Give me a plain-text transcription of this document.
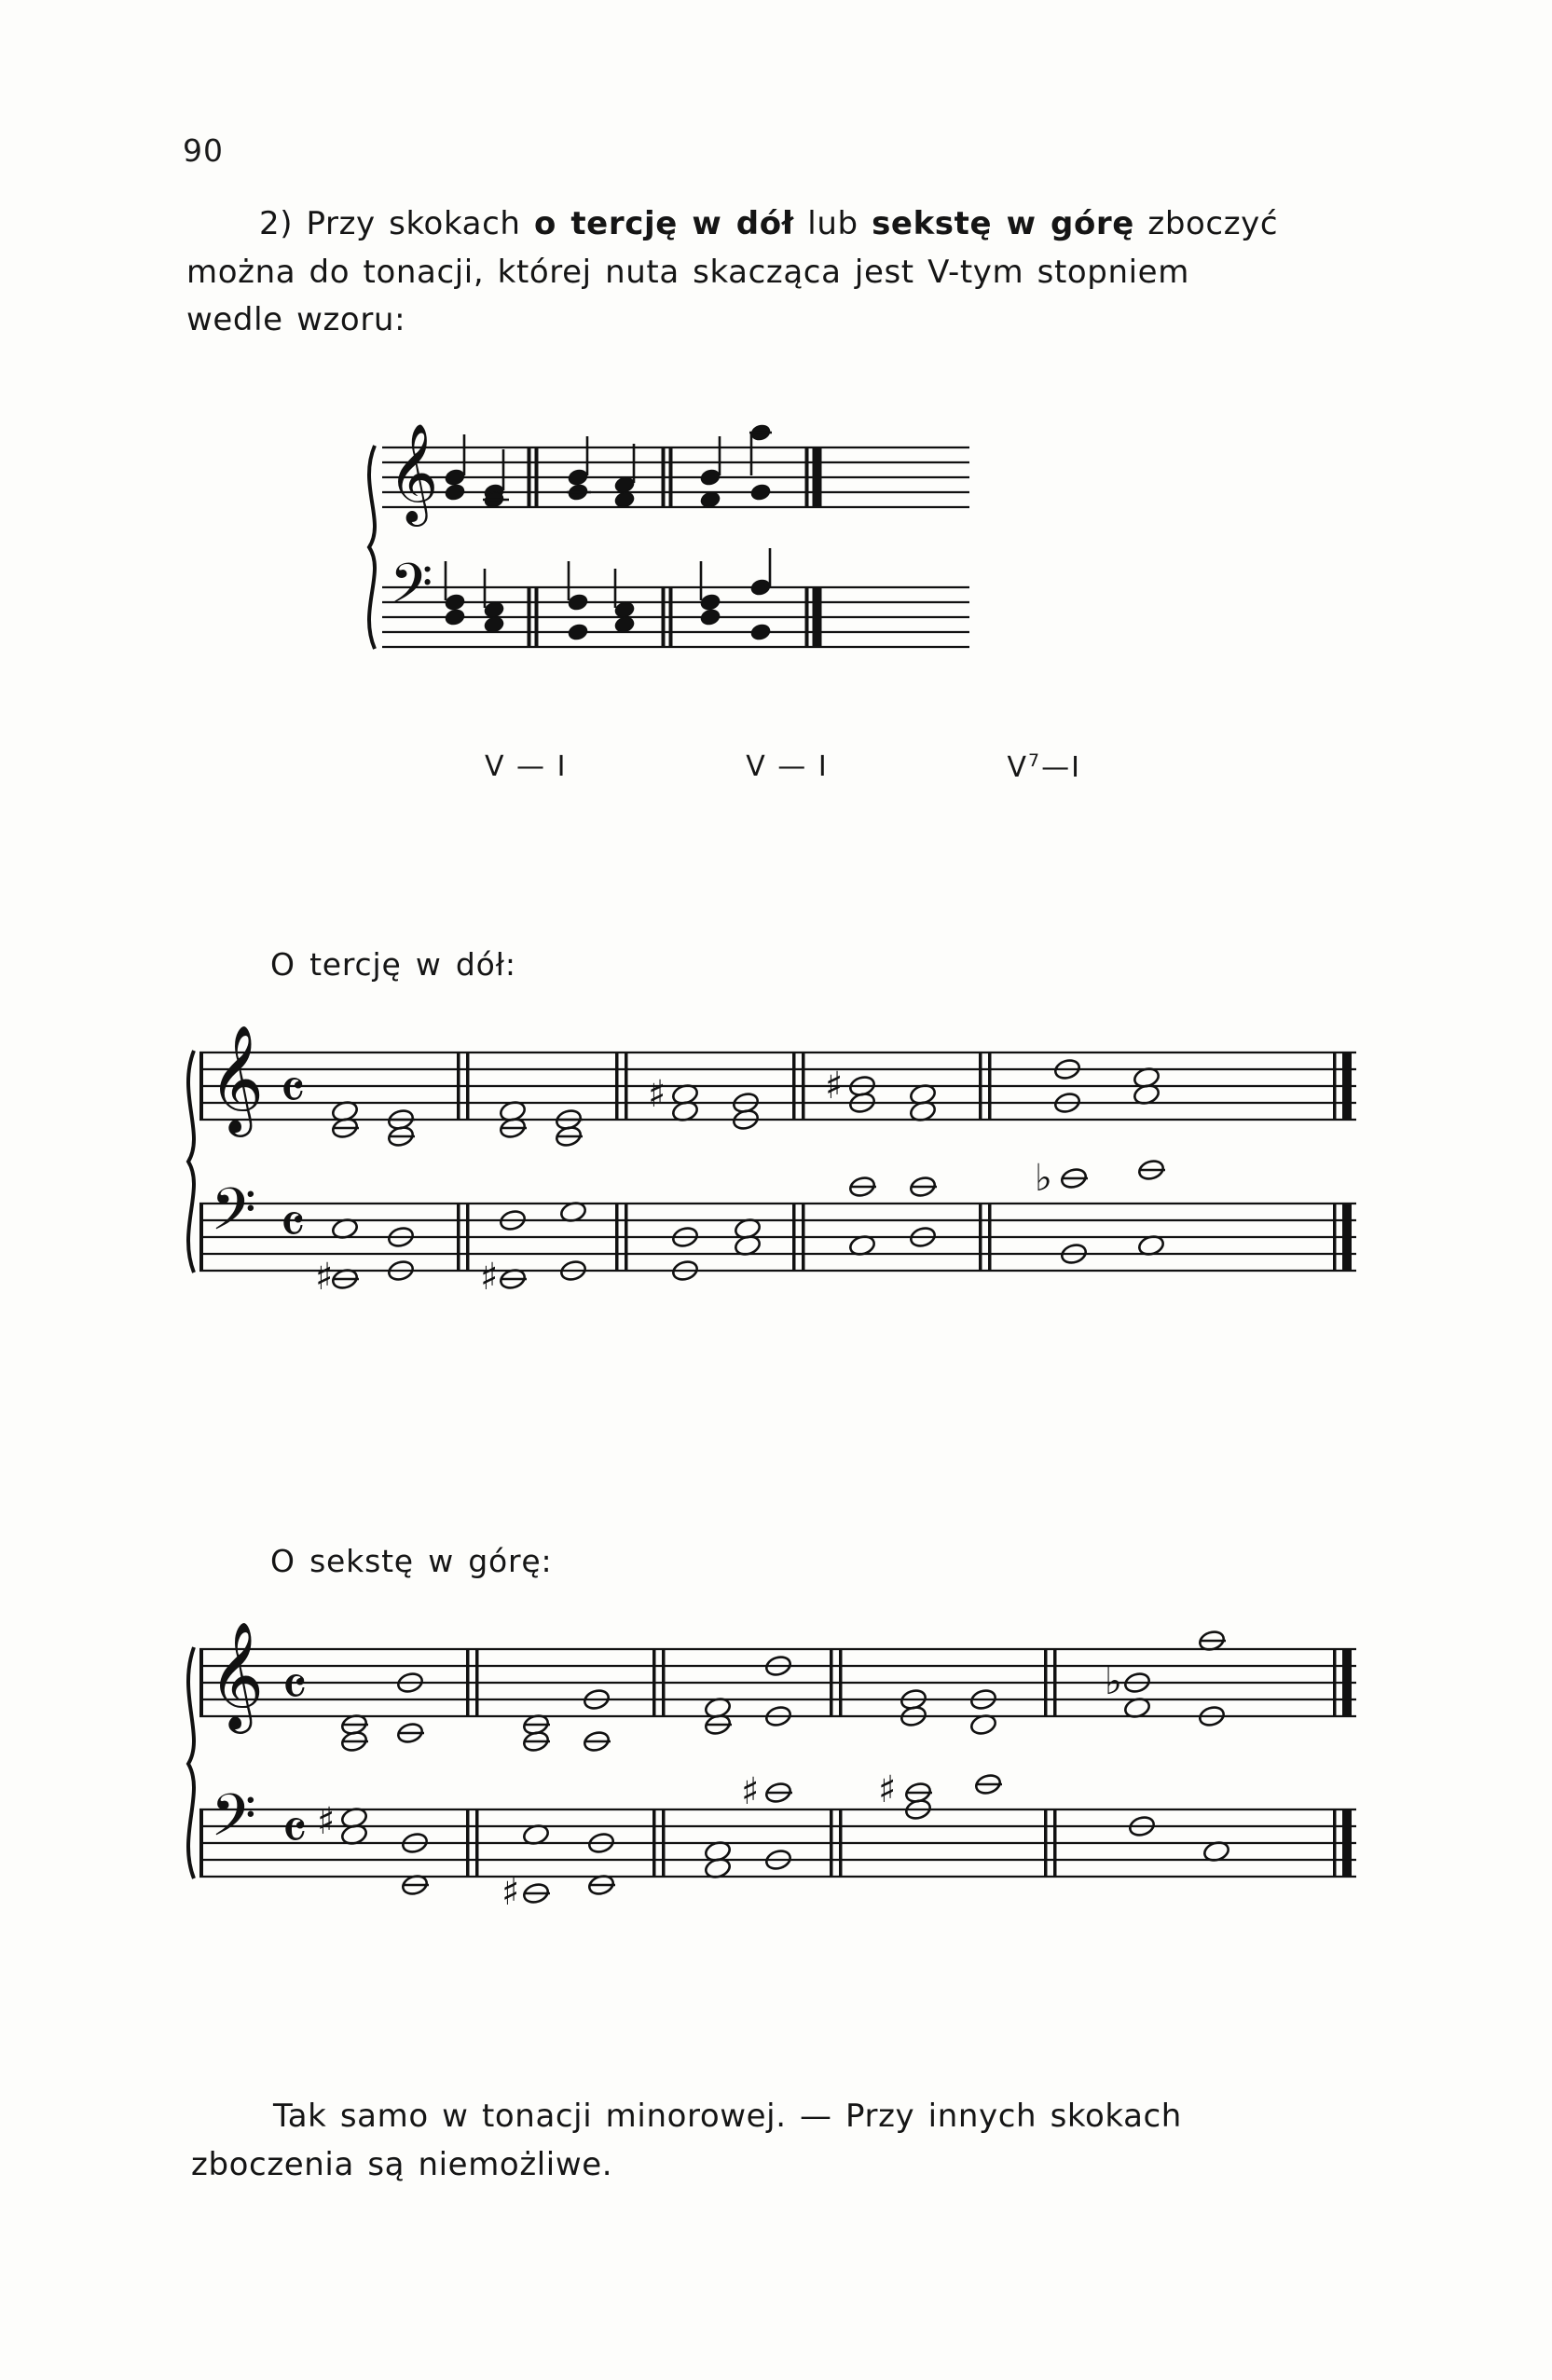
90
2) Przy skokach o tercję w dół lub sekstę w górę zboczyć
można do tonacji, której nuta skacząca jest V-tym stopniem
wedle wzoru:
𝄞
𝄢
V — I	V — I	$V^7—I$
O tercję w dół:
𝄞 𝄴
𝄢 𝄴
♯	♯
♯	♯
♭
O sekstę w górę:
𝄞 𝄴
𝄢 𝄴 ♯
♯
♯	♯
♭
Tak samo w tonacji minorowej. — Przy innych skokach
zboczenia są niemożliwe.
